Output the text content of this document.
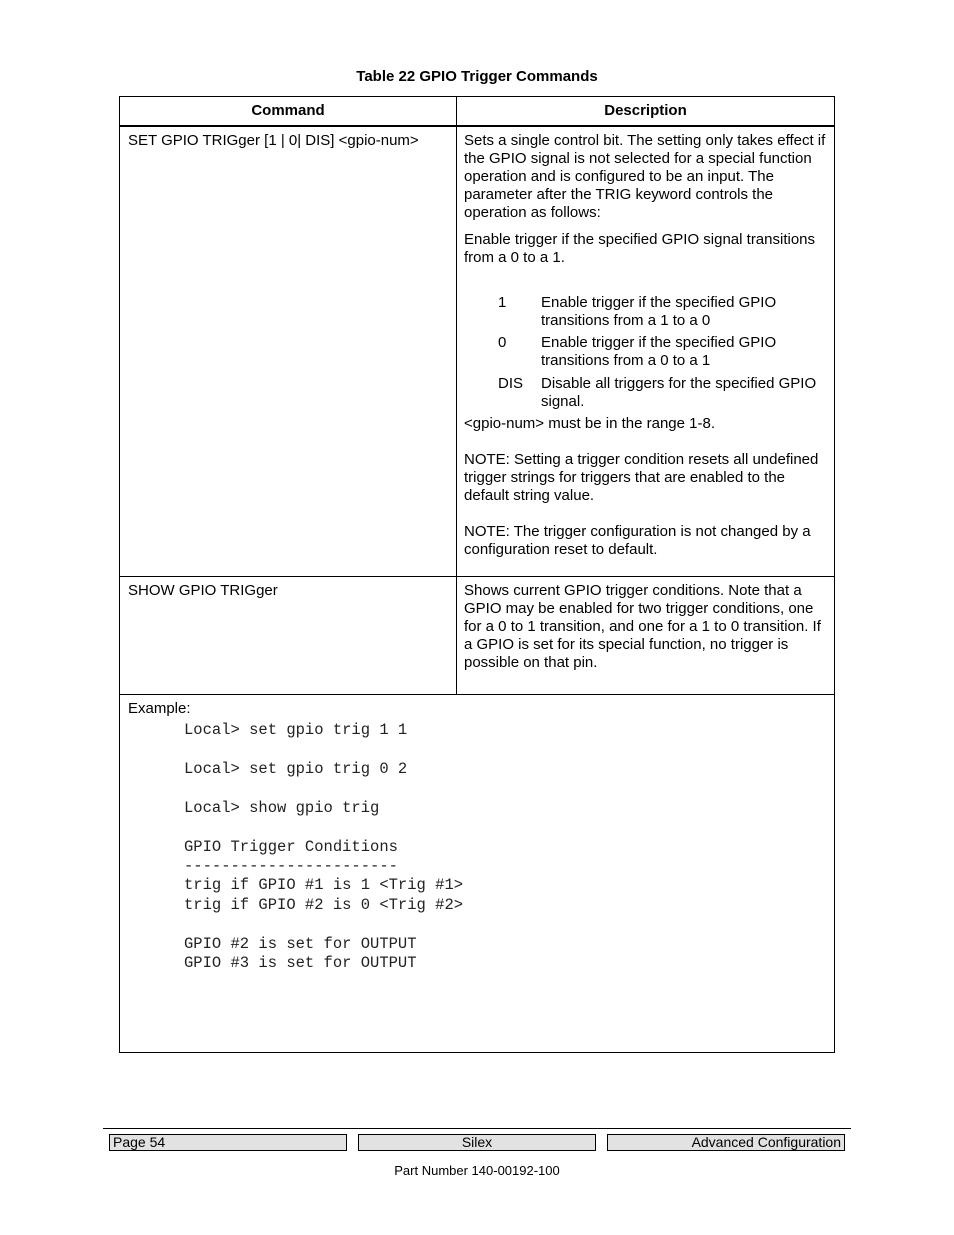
Table 22 GPIO Trigger Commands
Command	Description
SET GPIO TRIGger [1 | 0| DIS] <gpio-num>	Sets a single control bit. The setting only takes effect if the GPIO signal is not selected for a special function operation and is configured to be an input. The parameter after the TRIG keyword controls the operation as follows:
Enable trigger if the specified GPIO signal transitions from a 0 to a 1.
1 Enable trigger if the specified GPIO transitions from a 1 to a 0
0 Enable trigger if the specified GPIO transitions from a 0 to a 1
DIS Disable all triggers for the specified GPIO signal.
<gpio-num> must be in the range 1-8.
NOTE: Setting a trigger condition resets all undefined trigger strings for triggers that are enabled to the default string value.
NOTE: The trigger configuration is not changed by a configuration reset to default.
SHOW GPIO TRIGger	Shows current GPIO trigger conditions. Note that a GPIO may be enabled for two trigger conditions, one for a 0 to 1 transition, and one for a 1 to 0 transition. If a GPIO is set for its special function, no trigger is possible on that pin.
Example:
Local> set gpio trig 1 1
Local> set gpio trig 0 2
Local> show gpio trig
GPIO Trigger Conditions
-----------------------
trig if GPIO #1 is 1 <Trig #1>
trig if GPIO #2 is 0 <Trig #2>
GPIO #2 is set for OUTPUT
GPIO #3 is set for OUTPUT
Page 54	Silex	Advanced Configuration
Part Number 140-00192-100
